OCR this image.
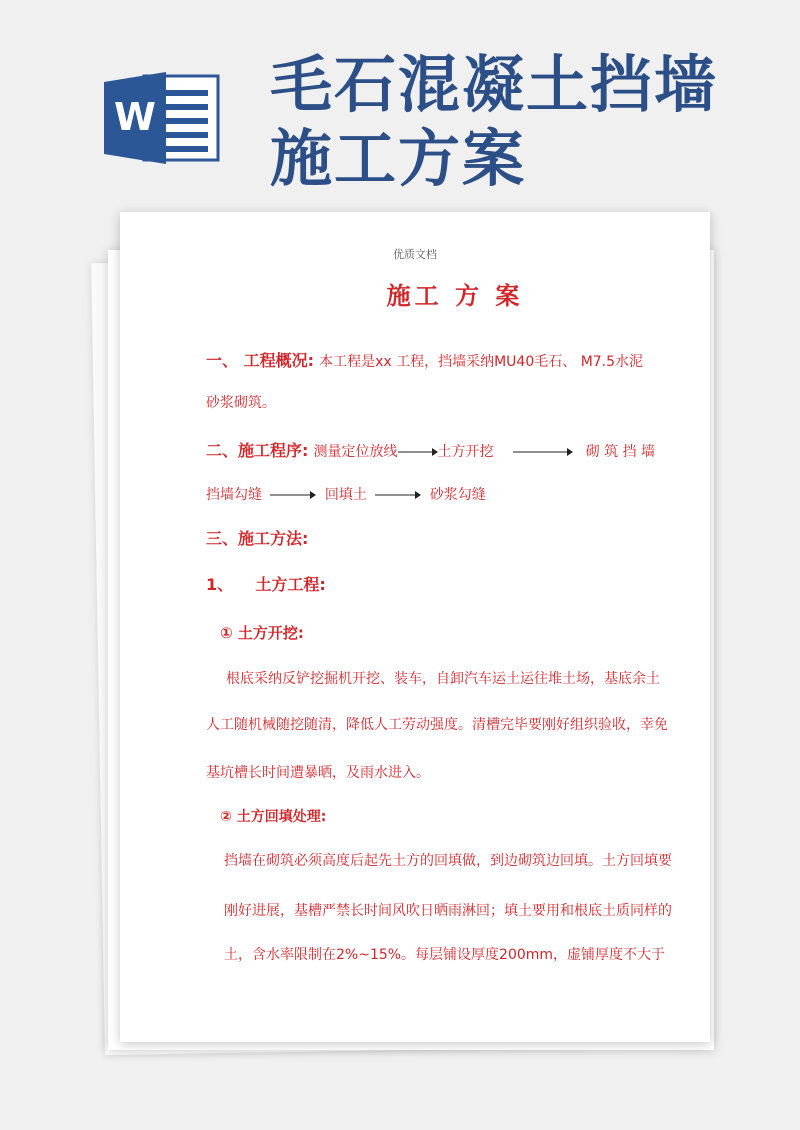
W 毛石混凝土挡墙施工方案

优质文档

施工 方 案

一、 工程概况: 本工程是xx 工程，挡墙采纳MU40毛石、 M7.5水泥

砂浆砌筑。

二、施工程序: 测量定位放线	土方开挖	砌 筑 挡 墙

挡墙勾缝	回填土	砂浆勾缝

三、施工方法:

1、    土方工程:

① 土方开挖:

根底采纳反铲挖掘机开挖、装车，自卸汽车运土运往堆土场，基底余土

人工随机械随挖随清，降低人工劳动强度。清槽完毕要刚好组织验收，幸免

基坑槽长时间遭暴晒，及雨水进入。

② 土方回填处理:

挡墙在砌筑必须高度后起先土方的回填做，到边砌筑边回填。土方回填要

刚好进展，基槽严禁长时间风吹日晒雨淋回；填土要用和根底土质同样的

土，含水率限制在2%~15%。每层铺设厚度200mm，虚铺厚度不大于
